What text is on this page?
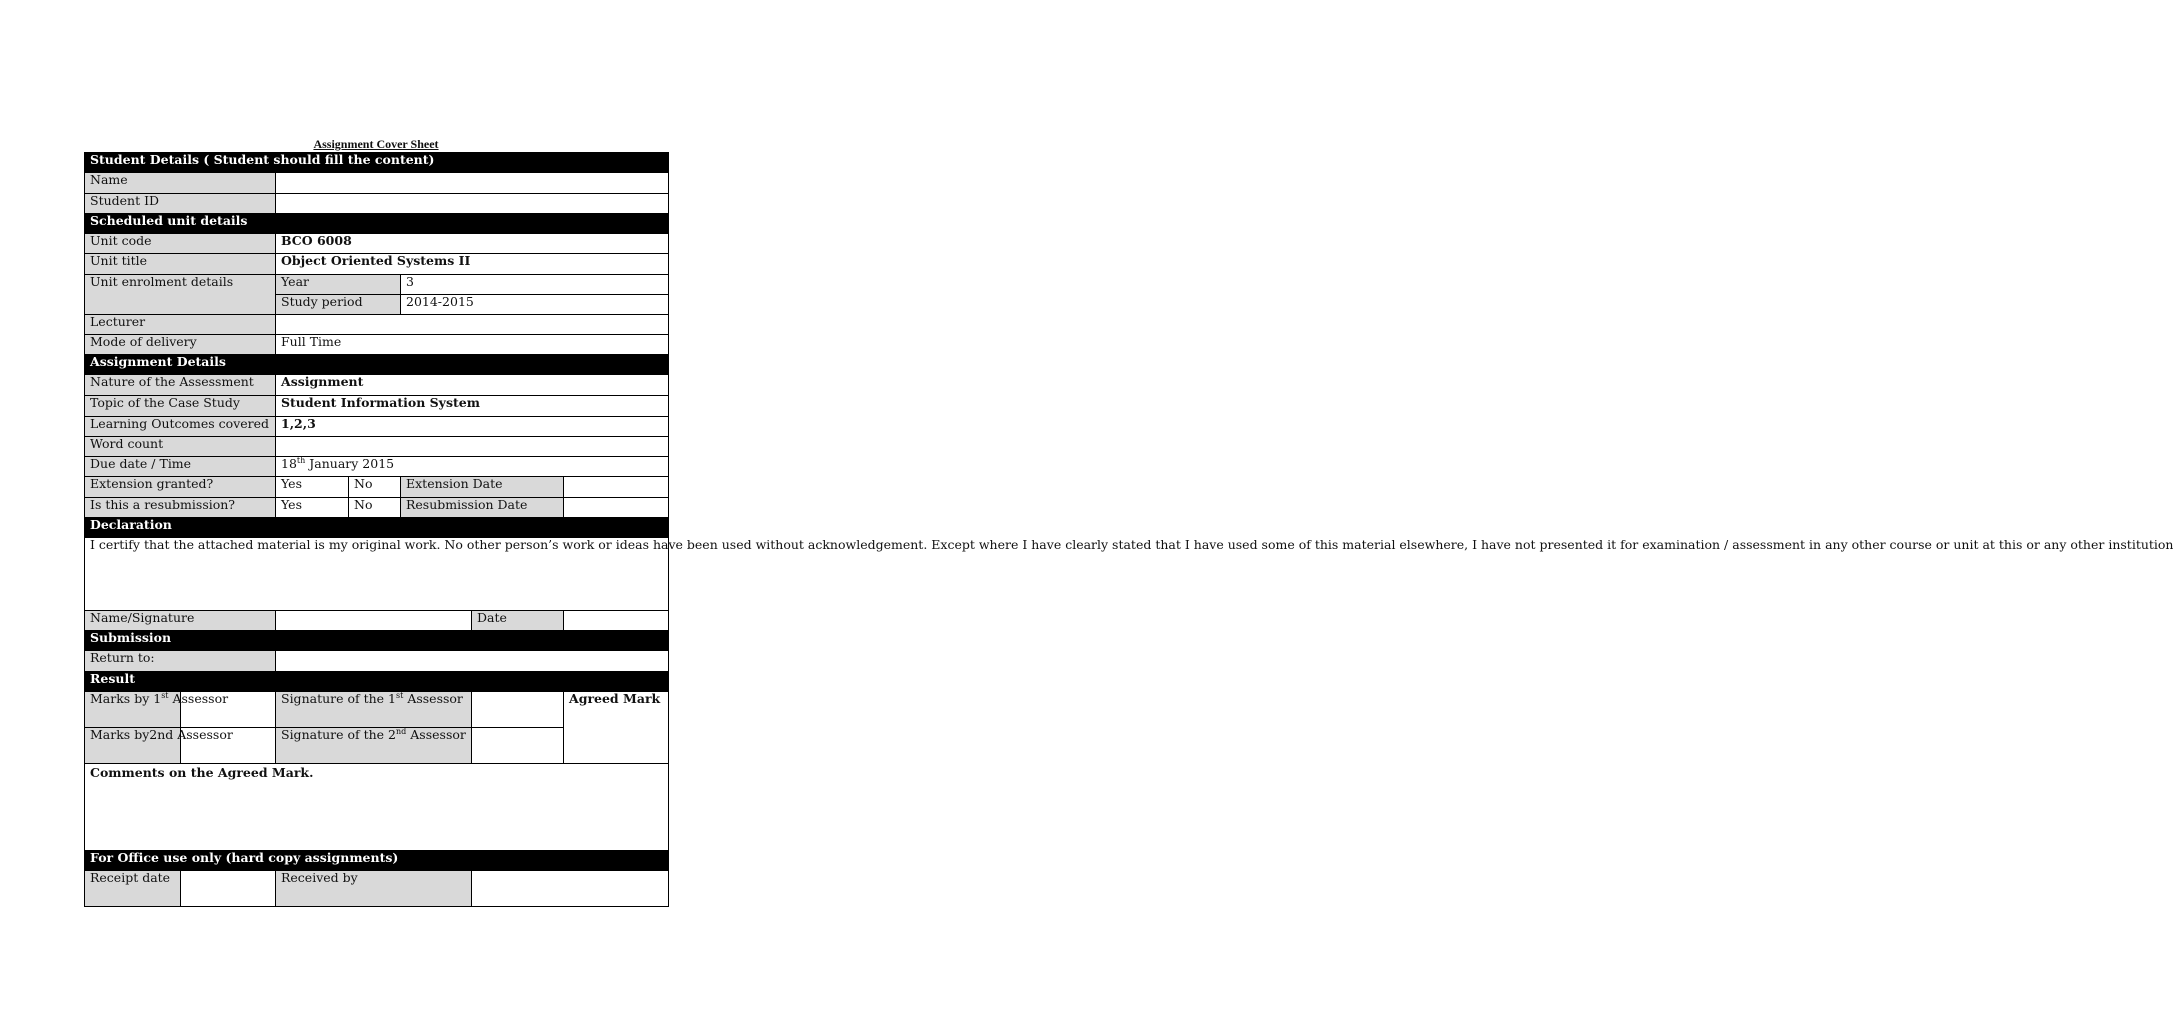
Assignment Cover Sheet
Student Details ( Student should fill the content)						
Name						
Student ID						
Scheduled unit details						
Unit code		BCO 6008				
Unit title		Object Oriented Systems II				
Unit enrolment details		Year		3		
		Study period		2014-2015		
Lecturer						
Mode of delivery		Full Time				
Assignment Details						
Nature of the Assessment		Assignment				
Topic of the Case Study		Student Information System				
Learning Outcomes covered		1,2,3				
Word count						
Due date / Time		18th January 2015				
Extension granted?		Yes	No	Extension Date		
Is this a resubmission?		Yes	No	Resubmission Date		
Declaration						
I certify that the attached material is my original work. No other person’s work or ideas have been used without acknowledgement. Except where I have clearly stated that I have used some of this material elsewhere, I have not presented it for examination / assessment in any other course or unit at this or any other institution						
Name/Signature					Date	
Submission						
Return to:						
Result						
Marks by 1st Assessor		Signature of the 1st Assessor				Agreed Mark
Marks by2nd Assessor		Signature of the 2nd Assessor				
Comments on the Agreed Mark.						
For Office use only (hard copy assignments)						
Receipt date		Received by				
